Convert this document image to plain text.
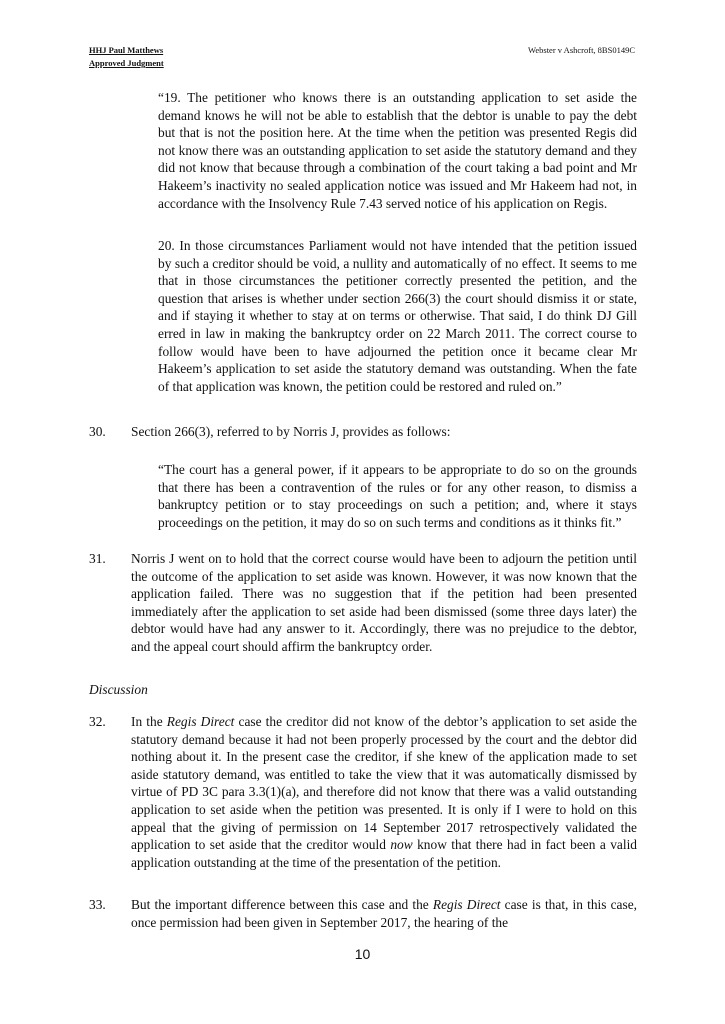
HHJ Paul Matthews
Approved Judgment
Webster v Ashcroft, 8BS0149C

“19. The petitioner who knows there is an outstanding application to set aside the demand knows he will not be able to establish that the debtor is unable to pay the debt but that is not the position here. At the time when the petition was presented Regis did not know there was an outstanding application to set aside the statutory demand and they did not know that because through a combination of the court taking a bad point and Mr Hakeem’s inactivity no sealed application notice was issued and Mr Hakeem had not, in accordance with the Insolvency Rule 7.43 served notice of his application on Regis.

20. In those circumstances Parliament would not have intended that the petition issued by such a creditor should be void, a nullity and automatically of no effect. It seems to me that in those circumstances the petitioner correctly presented the petition, and the question that arises is whether under section 266(3) the court should dismiss it or state, and if staying it whether to stay at on terms or otherwise. That said, I do think DJ Gill erred in law in making the bankruptcy order on 22 March 2011. The correct course to follow would have been to have adjourned the petition once it became clear Mr Hakeem’s application to set aside the statutory demand was outstanding. When the fate of that application was known, the petition could be restored and ruled on.”

30. Section 266(3), referred to by Norris J, provides as follows:

“The court has a general power, if it appears to be appropriate to do so on the grounds that there has been a contravention of the rules or for any other reason, to dismiss a bankruptcy petition or to stay proceedings on such a petition; and, where it stays proceedings on the petition, it may do so on such terms and conditions as it thinks fit.”

31. Norris J went on to hold that the correct course would have been to adjourn the petition until the outcome of the application to set aside was known. However, it was now known that the application failed. There was no suggestion that if the petition had been presented immediately after the application to set aside had been dismissed (some three days later) the debtor would have had any answer to it. Accordingly, there was no prejudice to the debtor, and the appeal court should affirm the bankruptcy order.

Discussion
32. In the Regis Direct case the creditor did not know of the debtor’s application to set aside the statutory demand because it had not been properly processed by the court and the debtor did nothing about it. In the present case the creditor, if she knew of the application made to set aside statutory demand, was entitled to take the view that it was automatically dismissed by virtue of PD 3C para 3.3(1)(a), and therefore did not know that there was a valid outstanding application to set aside when the petition was presented. It is only if I were to hold on this appeal that the giving of permission on 14 September 2017 retrospectively validated the application to set aside that the creditor would now know that there had in fact been a valid application outstanding at the time of the presentation of the petition.

33. But the important difference between this case and the Regis Direct case is that, in this case, once permission had been given in September 2017, the hearing of the

10
